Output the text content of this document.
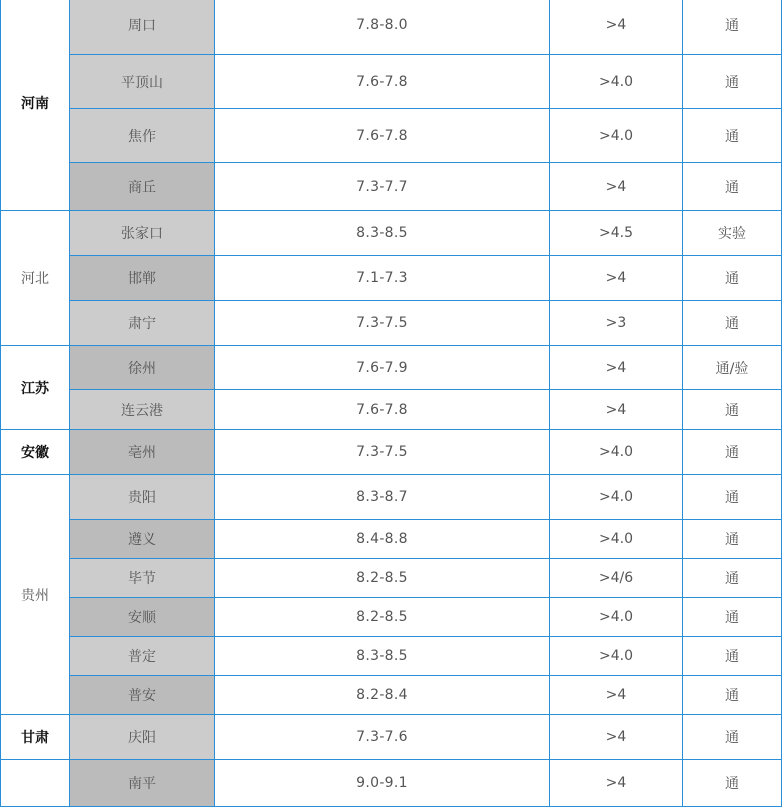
河南	周口	7.8-8.0	>4	通
	平顶山	7.6-7.8	>4.0	通
	焦作	7.6-7.8	>4.0	通
	商丘	7.3-7.7	>4	通
河北	张家口	8.3-8.5	>4.5	实验
	邯郸	7.1-7.3	>4	通
	肃宁	7.3-7.5	>3	通
江苏	徐州	7.6-7.9	>4	通/验
	连云港	7.6-7.8	>4	通
安徽	亳州	7.3-7.5	>4.0	通
贵州	贵阳	8.3-8.7	>4.0	通
	遵义	8.4-8.8	>4.0	通
	毕节	8.2-8.5	>4/6	通
	安顺	8.2-8.5	>4.0	通
	普定	8.3-8.5	>4.0	通
	普安	8.2-8.4	>4	通
甘肃	庆阳	7.3-7.6	>4	通
	南平	9.0-9.1	>4	通
